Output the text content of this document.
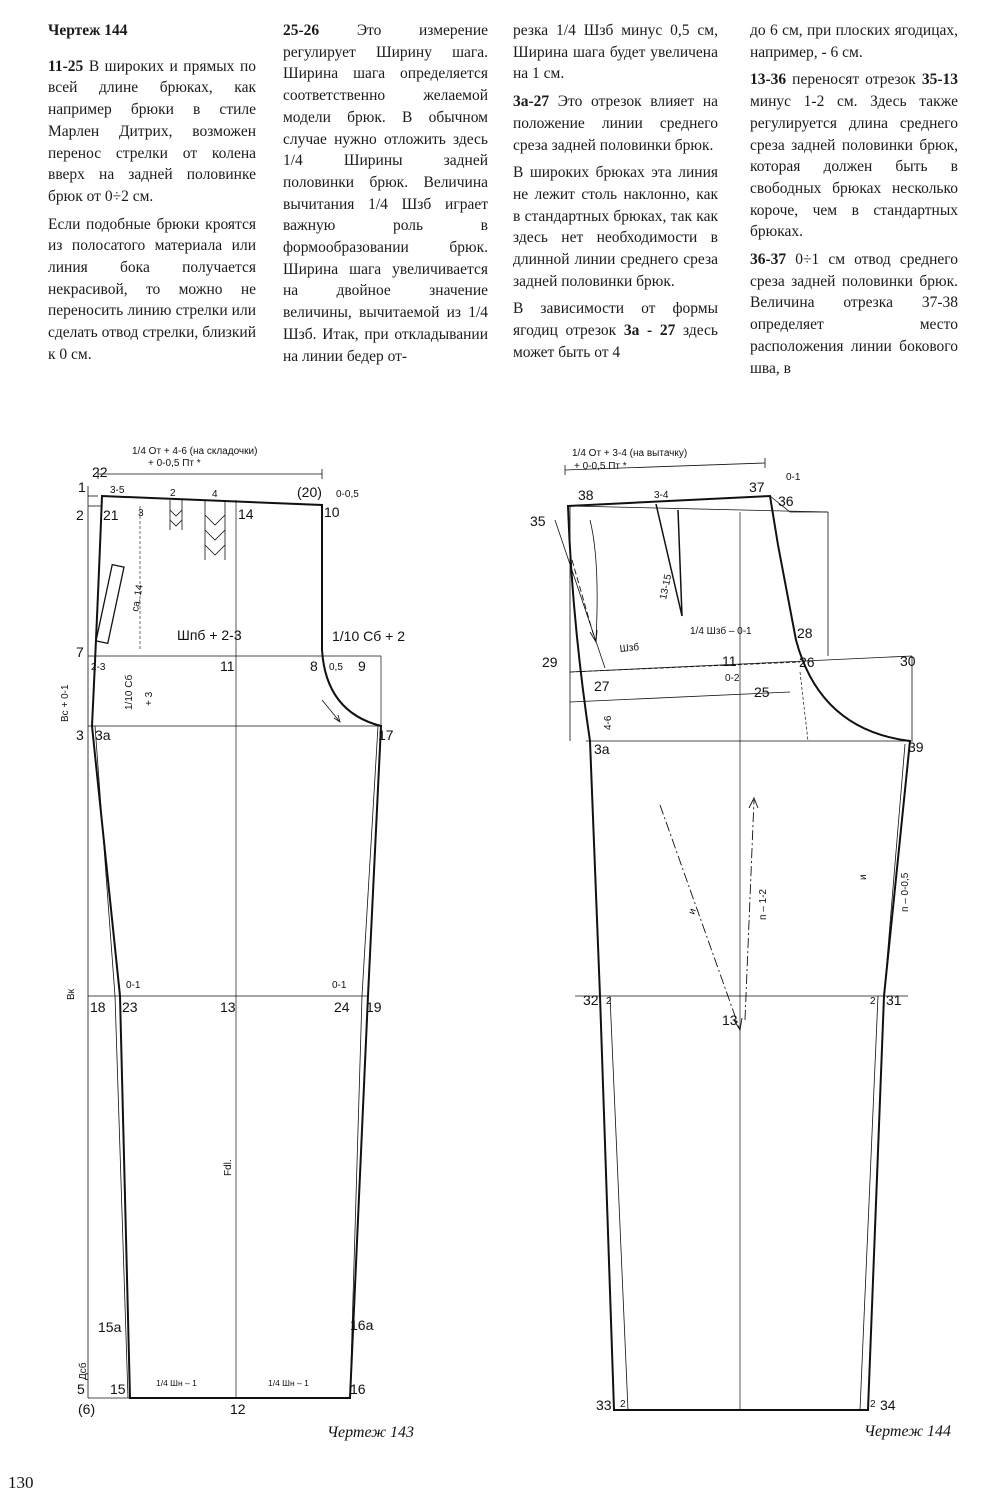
Чертеж 144

11-25 В широких и прямых по всей длине брюках, как например брюки в стиле Марлен Дитрих, возможен перенос стрелки от колена вверх на задней половинке брюк от 0÷2 см.

Если подобные брюки кроятся из полосатого материала или линия бока получается некрасивой, то можно не переносить линию стрелки или сделать отвод стрелки, близкий к 0 см.

25-26 Это измерение регулирует Ширину шага. Ширина шага определяется соответственно желаемой модели брюк. В обычном случае нужно отложить здесь 1/4 Ширины задней половинки брюк. Величина вычитания 1/4 Шзб играет важную роль в формообразовании брюк. Ширина шага увеличивается на двойное значение величины, вычитаемой из 1/4 Шзб. Итак, при откладывании на линии бедер от-

резка 1/4 Шзб минус 0,5 см, Ширина шага будет увеличена на 1 см.

3а-27 Это отрезок влияет на положение линии среднего среза задней половинки брюк.

В широких брюках эта линия не лежит столь наклонно, как в стандартных брюках, так как здесь нет необходимости в длинной линии среднего среза задней половинки брюк.

В зависимости от формы ягодиц отрезок 3а - 27 здесь может быть от 4

до 6 см, при плоских ягодицах, например, - 6 см.

13-36 переносят отрезок 35-13 минус 1-2 см. Здесь также регулируется длина среднего среза задней половинки брюк, которая должен быть в свободных брюках несколько короче, чем в стандартных брюках.

36-37 0÷1 см отвод среднего среза задней половинки брюк. Величина отрезка 37-38 определяет место расположения линии бокового шва, в

1/4 От + 4-6 (на складочки)
+ 0-0,5 Пт *
22
1 3-5
2 21
2	4
3	14
(20) 0-0,5
10
Шпб + 2-3	1/10 Сб + 2
ca. 14
7
2-3	11	8 0,5 9
1/10 Сб + 3
Вс + 0-1
3 3а	17
Вк
0-1	0-1
18 23	13	24 19
Fdl.
15а	16а
Дсб
5 15	1/4 Шн – 1	1/4 Шн – 1	16
(6)	12
Чертеж 143
1/4 От + 3-4 (на вытачку)
+ 0-0,5 Пт *
0-1
38	3-4
37
36
35
13-15
1/4 Шзб – 0-1	28
Шзб
29	11	26	30
0-2
27	25
4-6
3а	39
и	п – 1-2
и	п – 0-0,5
32 2
13
2 31
33 2	2 34
Чертеж 144
130
